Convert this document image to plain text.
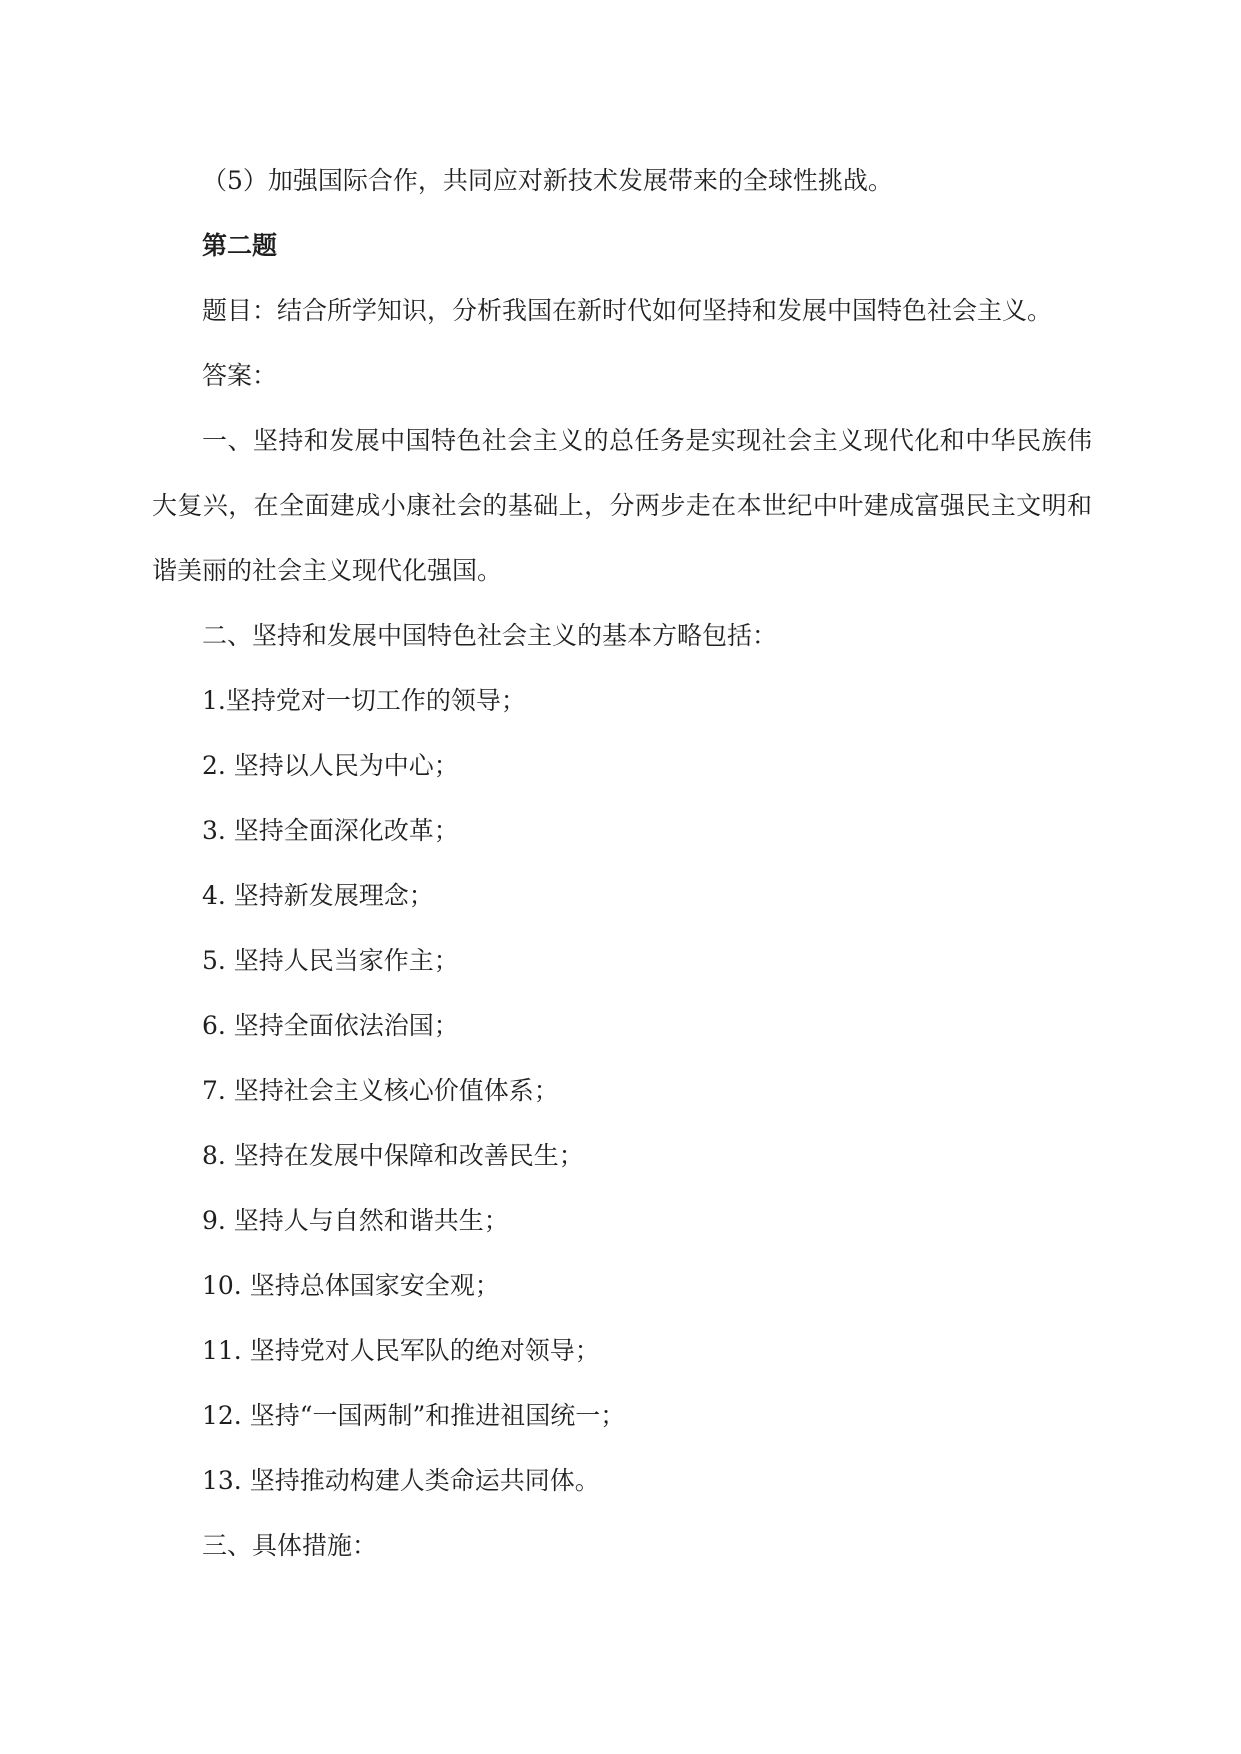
（5）加强国际合作，共同应对新技术发展带来的全球性挑战。

第二题

题目：结合所学知识，分析我国在新时代如何坚持和发展中国特色社会主义。

答案：

一、坚持和发展中国特色社会主义的总任务是实现社会主义现代化和中华民族伟大复兴，在全面建成小康社会的基础上，分两步走在本世纪中叶建成富强民主文明和谐美丽的社会主义现代化强国。

二、坚持和发展中国特色社会主义的基本方略包括：

1.坚持党对一切工作的领导；

2. 坚持以人民为中心；

3. 坚持全面深化改革；

4. 坚持新发展理念；

5. 坚持人民当家作主；

6. 坚持全面依法治国；

7. 坚持社会主义核心价值体系；

8. 坚持在发展中保障和改善民生；

9. 坚持人与自然和谐共生；

10. 坚持总体国家安全观；

11. 坚持党对人民军队的绝对领导；

12. 坚持“一国两制”和推进祖国统一；

13. 坚持推动构建人类命运共同体。

三、具体措施：
